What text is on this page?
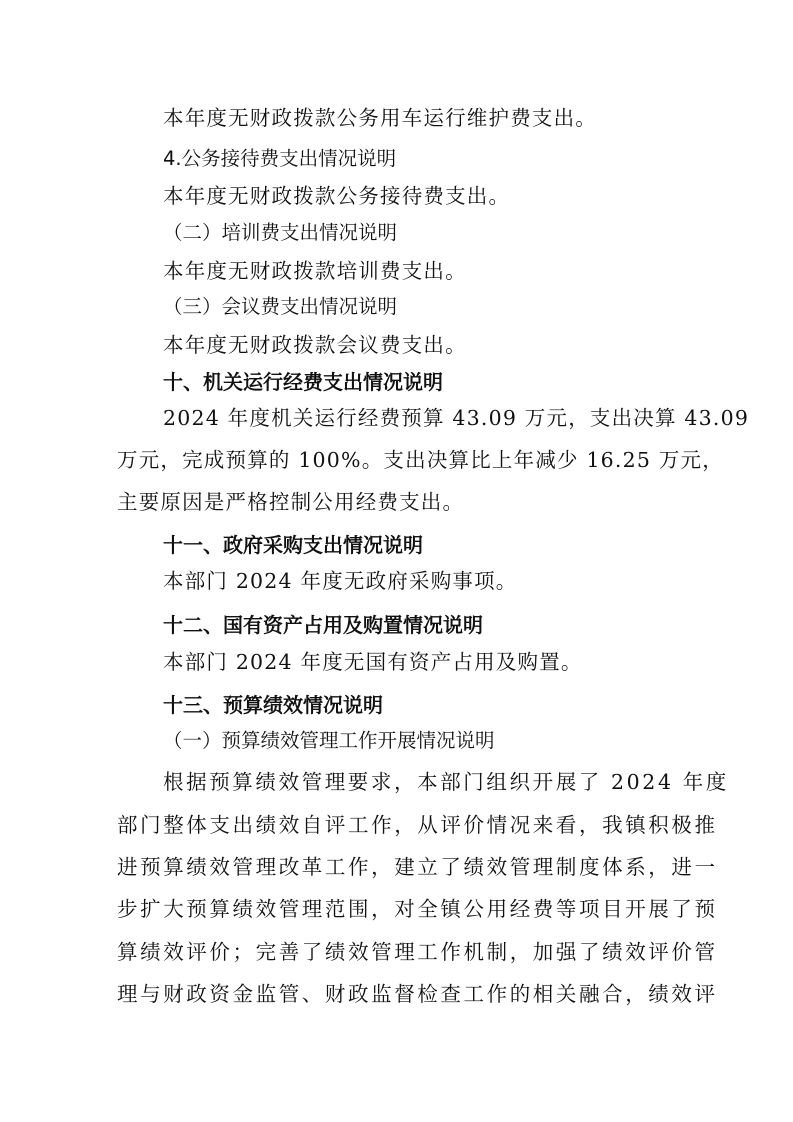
本年度无财政拨款公务用车运行维护费支出。
4.公务接待费支出情况说明
本年度无财政拨款公务接待费支出。
（二）培训费支出情况说明
本年度无财政拨款培训费支出。
（三）会议费支出情况说明
本年度无财政拨款会议费支出。
十、机关运行经费支出情况说明
2024 年度机关运行经费预算 43.09 万元，支出决算 43.09
万元，完成预算的 100%。支出决算比上年减少 16.25 万元，
主要原因是严格控制公用经费支出。
十一、政府采购支出情况说明
本部门 2024 年度无政府采购事项。
十二、国有资产占用及购置情况说明
本部门 2024 年度无国有资产占用及购置。
十三、预算绩效情况说明
（一）预算绩效管理工作开展情况说明
根据预算绩效管理要求，本部门组织开展了 2024 年度
部门整体支出绩效自评工作，从评价情况来看，我镇积极推
进预算绩效管理改革工作，建立了绩效管理制度体系，进一
步扩大预算绩效管理范围，对全镇公用经费等项目开展了预
算绩效评价；完善了绩效管理工作机制，加强了绩效评价管
理与财政资金监管、财政监督检查工作的相关融合，绩效评
